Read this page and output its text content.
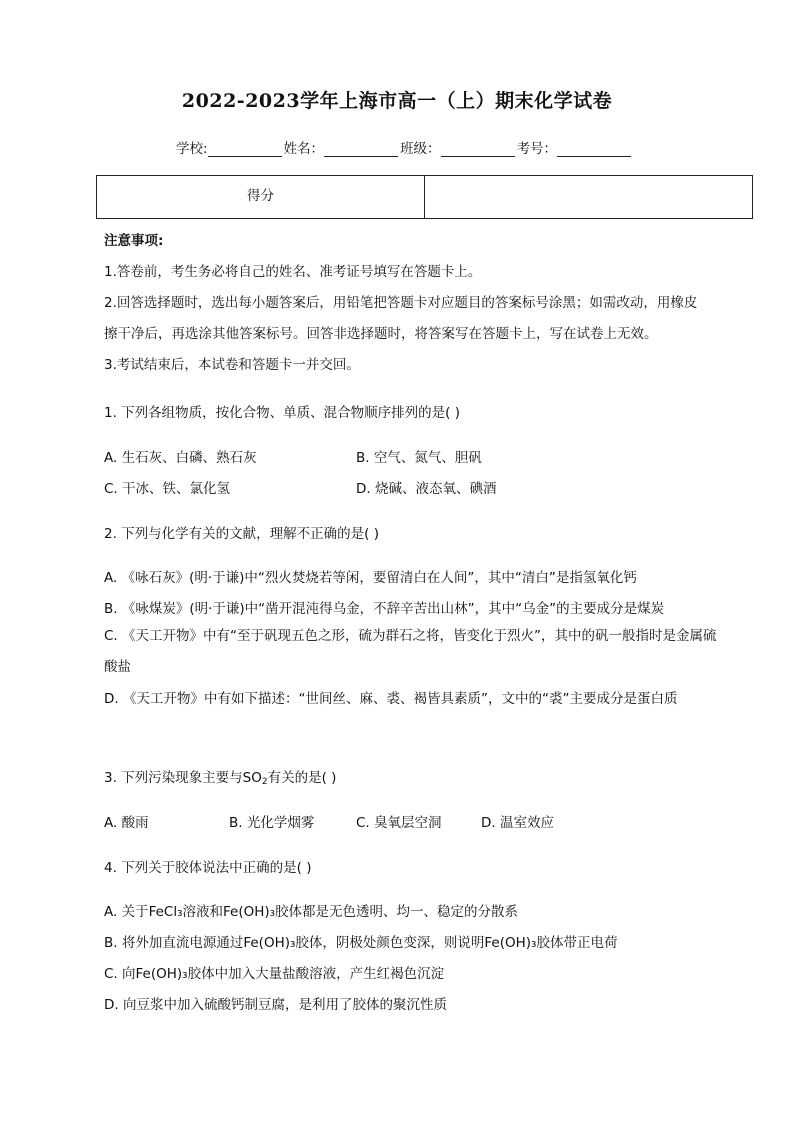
2022-2023学年上海市高一（上）期末化学试卷
学校:	姓名：	班级：	考号：
得分
注意事项:
1.答卷前，考生务必将自己的姓名、准考证号填写在答题卡上。
2.回答选择题时，选出每小题答案后，用铅笔把答题卡对应题目的答案标号涂黑；如需改动，用橡皮
擦干净后，再选涂其他答案标号。回答非选择题时，将答案写在答题卡上，写在试卷上无效。
3.考试结束后，本试卷和答题卡一并交回。
1. 下列各组物质，按化合物、单质、混合物顺序排列的是( )
A. 生石灰、白磷、熟石灰	B. 空气、氮气、胆矾
C. 干冰、铁、氯化氢	D. 烧碱、液态氧、碘酒
2. 下列与化学有关的文献，理解不正确的是( )
A. 《咏石灰》(明·于谦)中“烈火焚烧若等闲，要留清白在人间”，其中“清白”是指氢氧化钙
B. 《咏煤炭》(明·于谦)中“凿开混沌得乌金，不辞辛苦出山林”，其中“乌金”的主要成分是煤炭
C. 《天工开物》中有“至于矾现五色之形，硫为群石之将，皆变化于烈火”，其中的矾一般指时是金属硫酸盐
D. 《天工开物》中有如下描述：“世间丝、麻、裘、褐皆具素质”，文中的“裘”主要成分是蛋白质
3. 下列污染现象主要与$SO_2$有关的是( )
A. 酸雨	B. 光化学烟雾	C. 臭氧层空洞	D. 温室效应
4. 下列关于胶体说法中正确的是( )
A. 关于FeCl₃溶液和Fe(OH)₃胶体都是无色透明、均一、稳定的分散系
B. 将外加直流电源通过Fe(OH)₃胶体，阴极处颜色变深，则说明Fe(OH)₃胶体带正电荷
C. 向Fe(OH)₃胶体中加入大量盐酸溶液，产生红褐色沉淀
D. 向豆浆中加入硫酸钙制豆腐，是利用了胶体的聚沉性质
